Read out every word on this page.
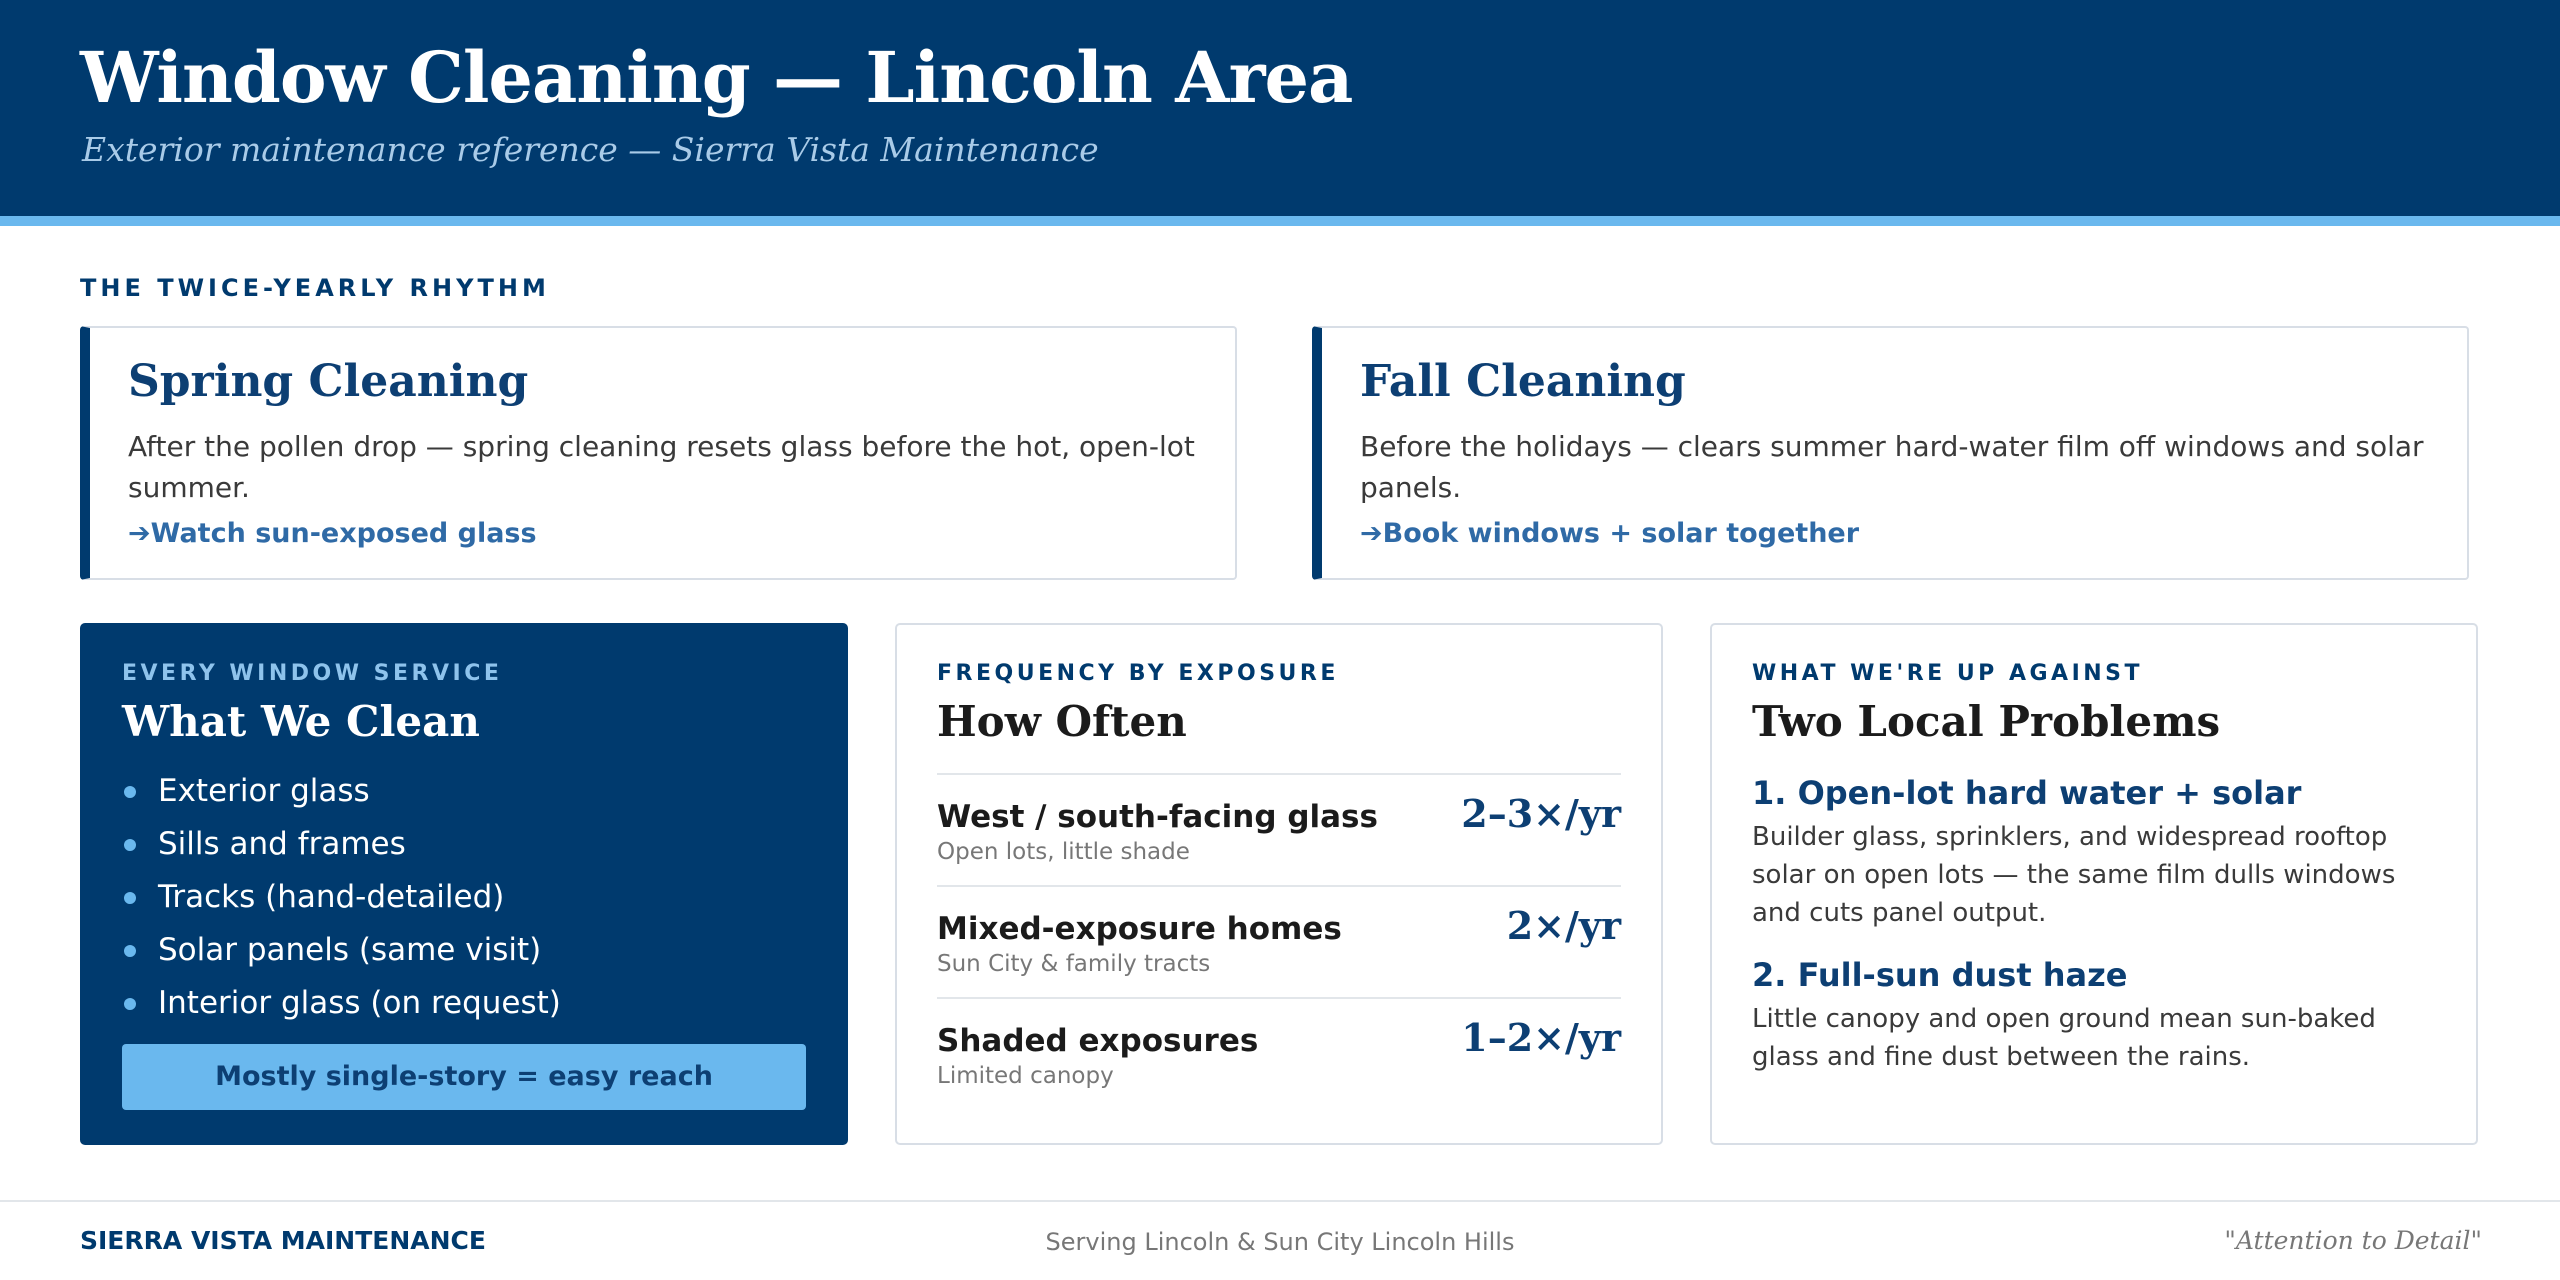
Window Cleaning — Lincoln Area
Exterior maintenance reference — Sierra Vista Maintenance
THE TWICE-YEARLY RHYTHM
Spring Cleaning
After the pollen drop — spring cleaning resets glass before the hot, open-lot summer.
➔Watch sun-exposed glass
Fall Cleaning
Before the holidays — clears summer hard-water film off windows and solar panels.
➔Book windows + solar together
EVERY WINDOW SERVICE
What We Clean
Exterior glass
Sills and frames
Tracks (hand-detailed)
Solar panels (same visit)
Interior glass (on request)
Mostly single-story = easy reach
FREQUENCY BY EXPOSURE
How Often
West / south-facing glass
Open lots, little shade
2–3×/yr
Mixed-exposure homes
Sun City & family tracts
2×/yr
Shaded exposures
Limited canopy
1–2×/yr
WHAT WE'RE UP AGAINST
Two Local Problems
1. Open-lot hard water + solar
Builder glass, sprinklers, and widespread rooftop solar on open lots — the same film dulls windows and cuts panel output.
2. Full-sun dust haze
Little canopy and open ground mean sun-baked glass and fine dust between the rains.
SIERRA VISTA MAINTENANCE	Serving Lincoln & Sun City Lincoln Hills	"Attention to Detail"
